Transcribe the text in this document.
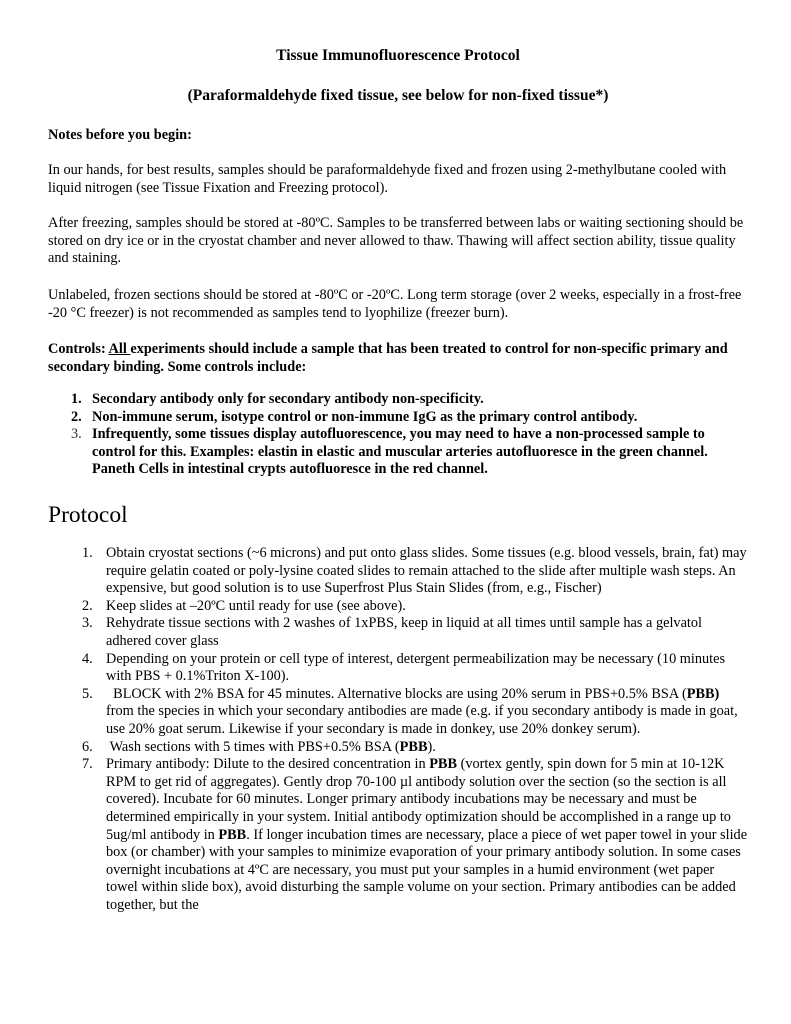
Tissue Immunofluorescence Protocol
(Paraformaldehyde fixed tissue, see below for non-fixed tissue*)
Notes before you begin:

In our hands, for best results, samples should be paraformaldehyde fixed and frozen using 2-methylbutane cooled with liquid nitrogen (see Tissue Fixation and Freezing protocol).

After freezing, samples should be stored at -80ºC. Samples to be transferred between labs or waiting sectioning should be stored on dry ice or in the cryostat chamber and never allowed to thaw. Thawing will affect section ability, tissue quality and staining.

Unlabeled, frozen sections should be stored at -80ºC or -20ºC. Long term storage (over 2 weeks, especially in a frost-free -20 °C freezer) is not recommended as samples tend to lyophilize (freezer burn).

Controls: All experiments should include a sample that has been treated to control for non-specific primary and secondary binding. Some controls include:

1. Secondary antibody only for secondary antibody non-specificity.
2. Non-immune serum, isotype control or non-immune IgG as the primary control antibody.
3. Infrequently, some tissues display autofluorescence, you may need to have a non-processed sample to control for this. Examples: elastin in elastic and muscular arteries autofluoresce in the green channel. Paneth Cells in intestinal crypts autofluoresce in the red channel.
Protocol
1. Obtain cryostat sections (~6 microns) and put onto glass slides. Some tissues (e.g. blood vessels, brain, fat) may require gelatin coated or poly-lysine coated slides to remain attached to the slide after multiple wash steps. An expensive, but good solution is to use Superfrost Plus Stain Slides (from, e.g., Fischer)
2. Keep slides at –20ºC until ready for use (see above).
3. Rehydrate tissue sections with 2 washes of 1xPBS, keep in liquid at all times until sample has a gelvatol adhered cover glass
4. Depending on your protein or cell type of interest, detergent permeabilization may be necessary (10 minutes with PBS + 0.1%Triton X-100).
5. BLOCK with 2% BSA for 45 minutes. Alternative blocks are using 20% serum in PBS+0.5% BSA (PBB) from the species in which your secondary antibodies are made (e.g. if you secondary antibody is made in goat, use 20% goat serum. Likewise if your secondary is made in donkey, use 20% donkey serum).
6. Wash sections with 5 times with PBS+0.5% BSA (PBB).
7. Primary antibody: Dilute to the desired concentration in PBB (vortex gently, spin down for 5 min at 10-12K RPM to get rid of aggregates). Gently drop 70-100 µl antibody solution over the section (so the section is all covered). Incubate for 60 minutes. Longer primary antibody incubations may be necessary and must be determined empirically in your system. Initial antibody optimization should be accomplished in a range up to 5ug/ml antibody in PBB. If longer incubation times are necessary, place a piece of wet paper towel in your slide box (or chamber) with your samples to minimize evaporation of your primary antibody solution. In some cases overnight incubations at 4ºC are necessary, you must put your samples in a humid environment (wet paper towel within slide box), avoid disturbing the sample volume on your section. Primary antibodies can be added together, but the
